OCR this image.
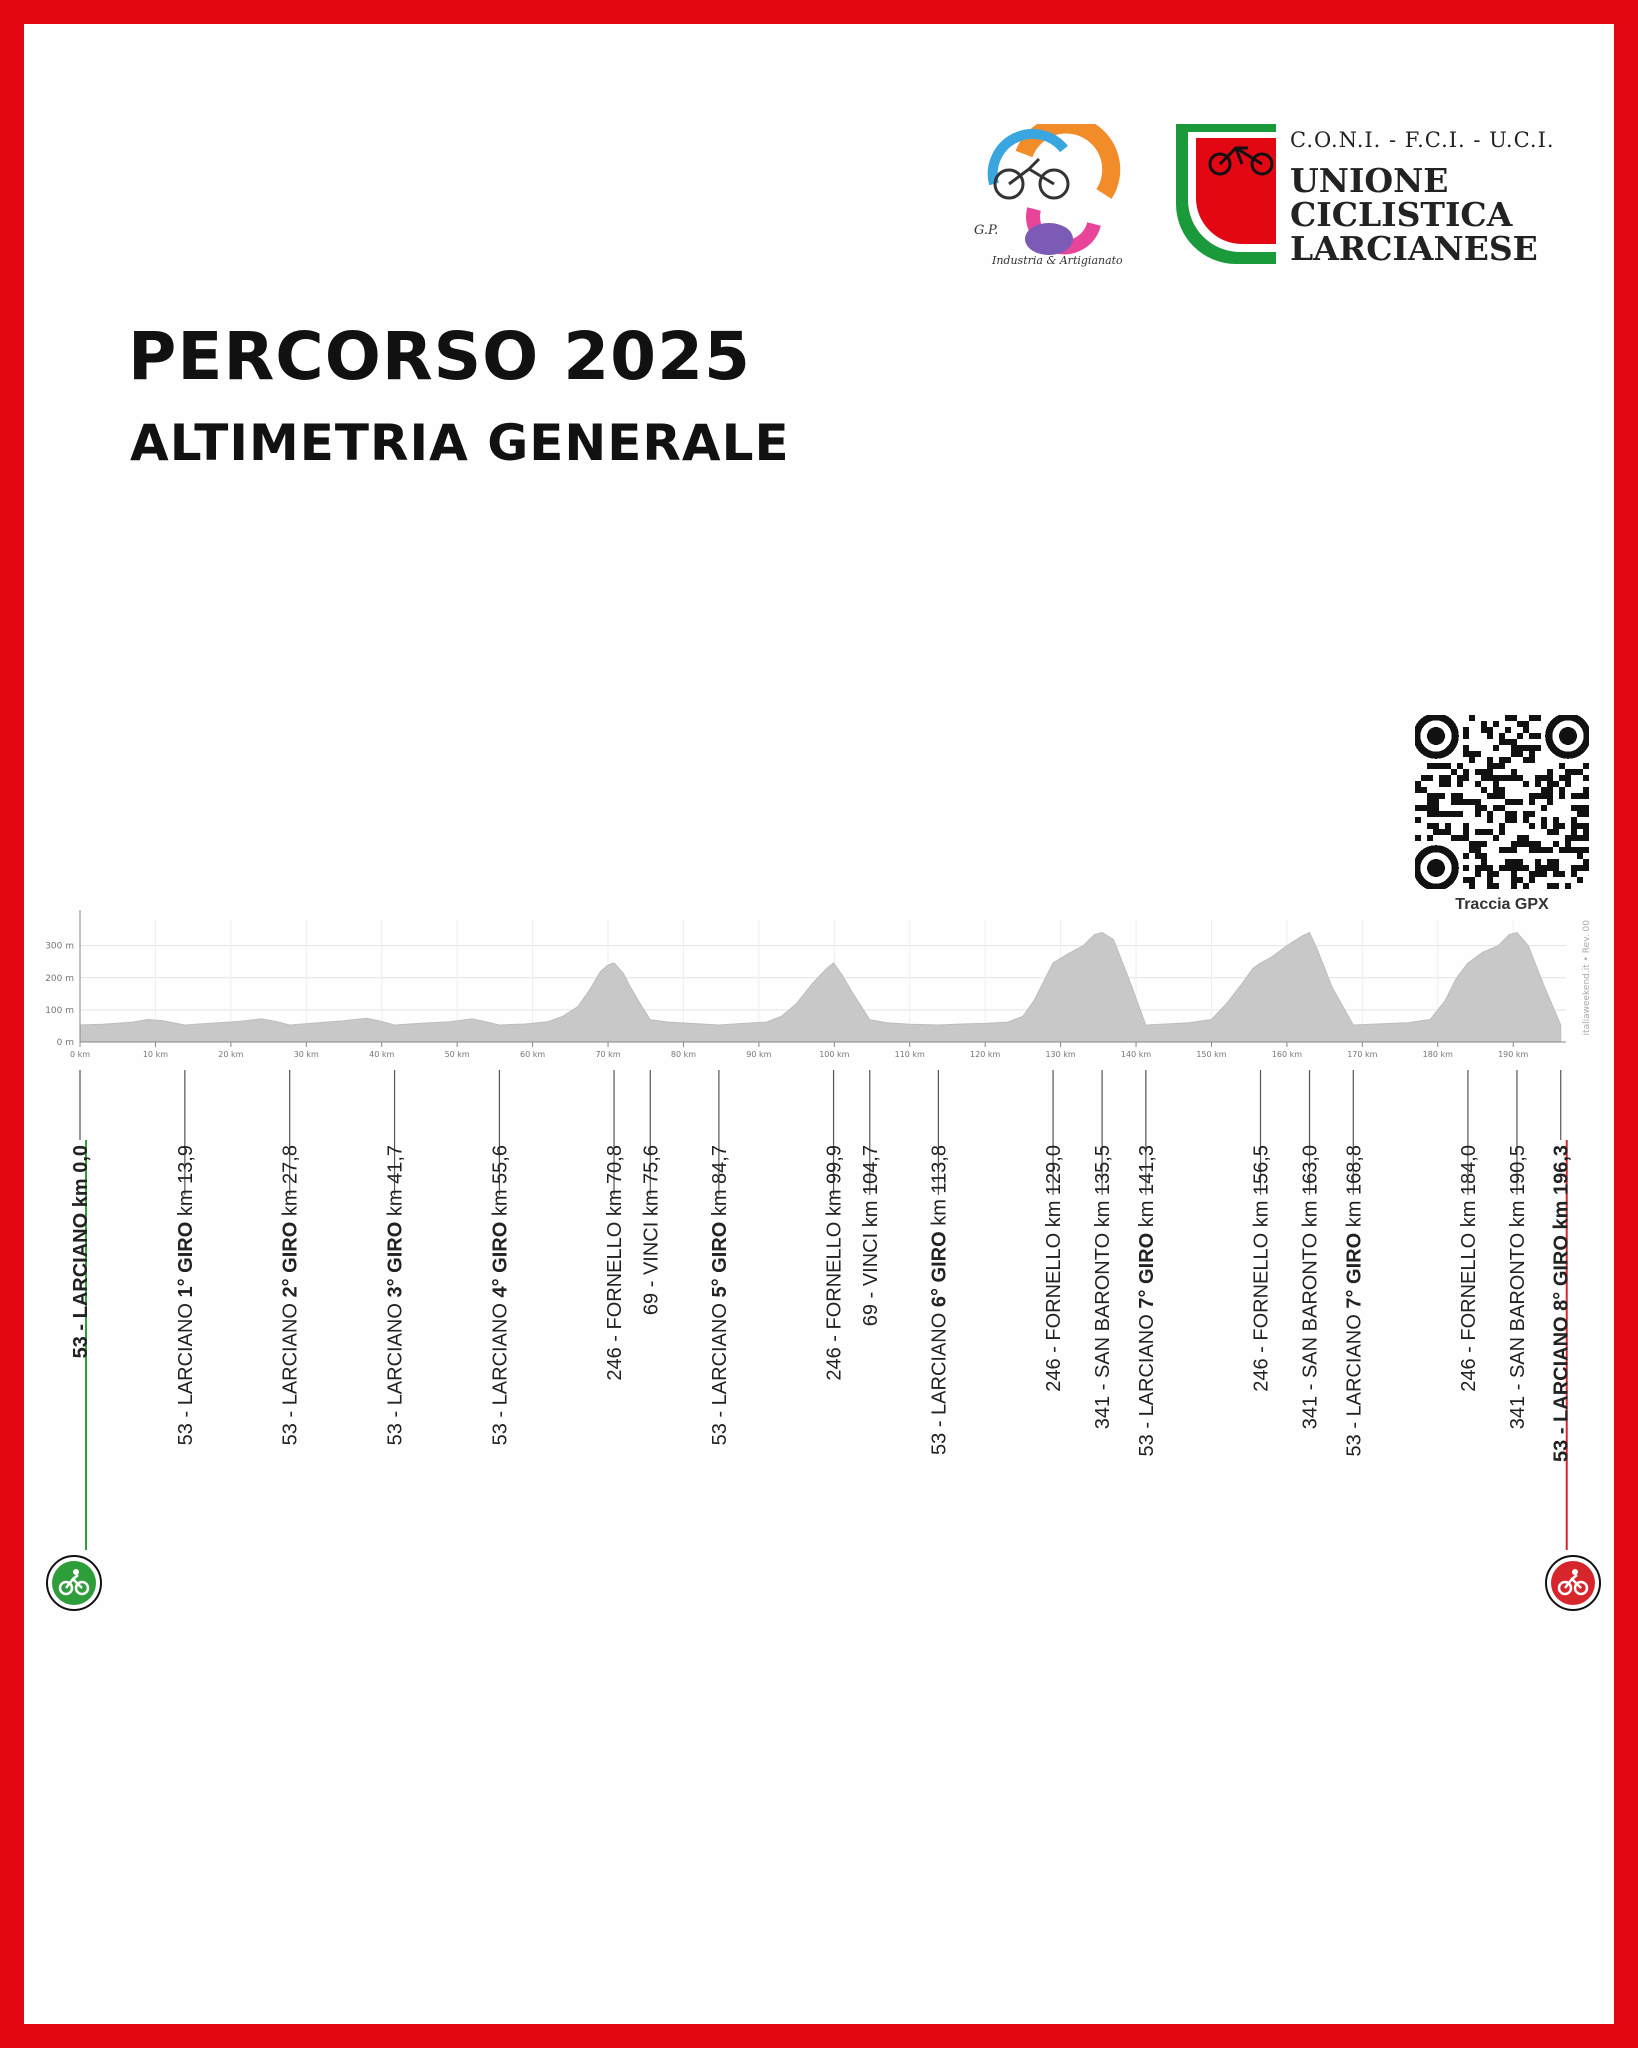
PERCORSO 2025
ALTIMETRIA GENERALE
G.P.
Industria & Artigianato
C.O.N.I. - F.C.I. - U.C.I.
UNIONE
CICLISTICA
LARCIANESE
Traccia GPX
0 m
100 m
200 m
300 m
0 km	10 km	20 km	30 km	40 km	50 km	60 km	70 km	80 km	90 km	100 km	110 km	120 km	130 km	140 km	150 km	160 km	170 km	180 km	190 km
53 - LARCIANO km 0,0
53 - LARCIANO 1° GIRO km 13,9
53 - LARCIANO 2° GIRO km 27,8
53 - LARCIANO 3° GIRO km 41,7
53 - LARCIANO 4° GIRO km 55,6	246 - FORNELLO km 70,8 69 - VINCI km 75,6
53 - LARCIANO 5° GIRO km 84,7	246 - FORNELLO km 99,9 69 - VINCI km 104,7
53 - LARCIANO 6° GIRO km 113,8	246 - FORNELLO km 129,0 341 - SAN BARONTO km 135,5 53 - LARCIANO 7° GIRO km 141,3	246 - FORNELLO km 156,5 341 - SAN BARONTO km 163,0 53 - LARCIANO 7° GIRO km 168,8	246 - FORNELLO km 184,0 341 - SAN BARONTO km 190,5 53 - LARCIANO 8° GIRO km 196,3
italiaweekend.it • Rev. 00
